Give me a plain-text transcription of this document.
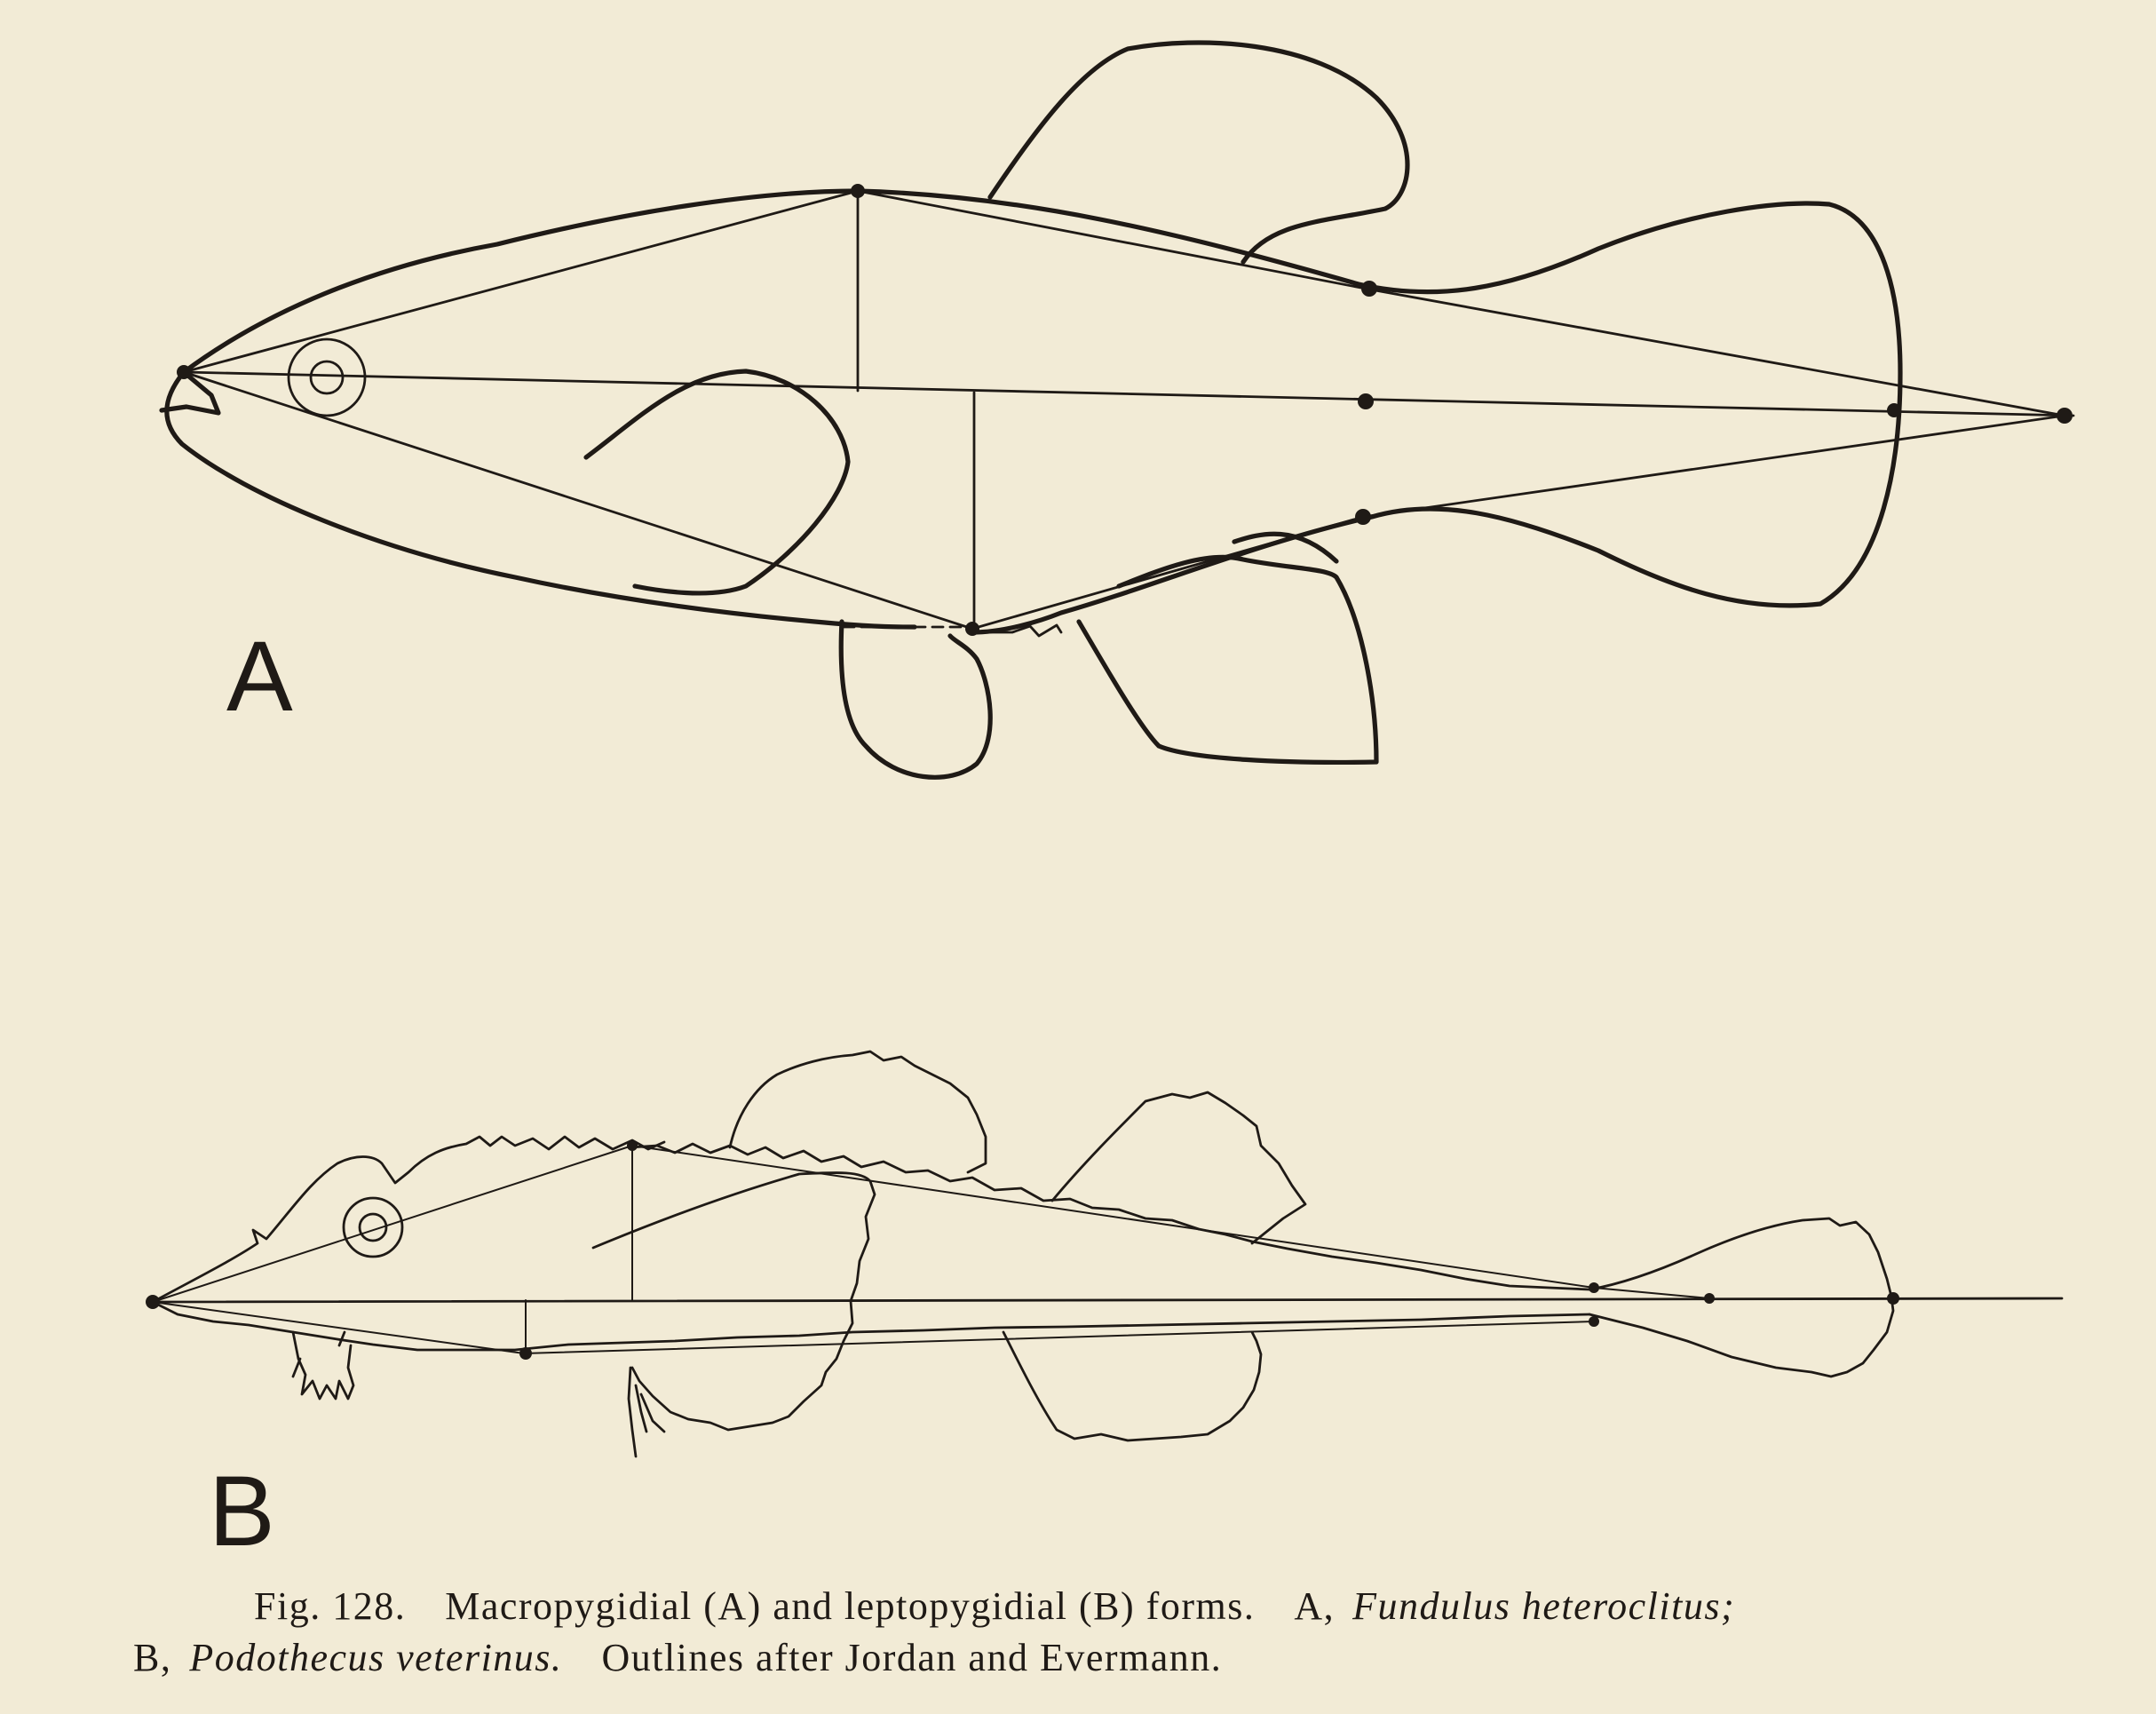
A
B
Fig. 128. Macropygidial (A) and leptopygidial (B) forms. A, Fundulus heteroclitus;
B, Podothecus veterinus. Outlines after Jordan and Evermann.
